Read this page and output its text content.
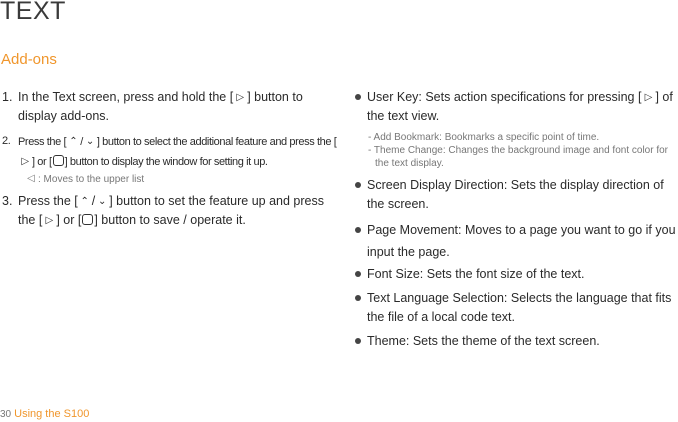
TEXT
Add-ons
1. In the Text screen, press and hold the [ ▷ ] button to display add-ons.
2. Press the [ ⌃ / ⌄ ] button to select the additional feature and press the [▷ ] or [ ] button to display the window for setting it up.
◁ : Moves to the upper list
3. Press the [ ⌃ / ⌄ ] button to set the feature up and press the [ ▷ ] or [ ] button to save / operate it.
User Key: Sets action specifications for pressing [ ▷ ] of the text view.
- Add Bookmark: Bookmarks a specific point of time.
- Theme Change: Changes the background image and font color for the text display.
Screen Display Direction: Sets the display direction of the screen.
Page Movement: Moves to a page you want to go if you input the page.
Font Size: Sets the font size of the text.
Text Language Selection: Selects the language that fits the file of a local code text.
Theme: Sets the theme of the text screen.
30 Using the S100
